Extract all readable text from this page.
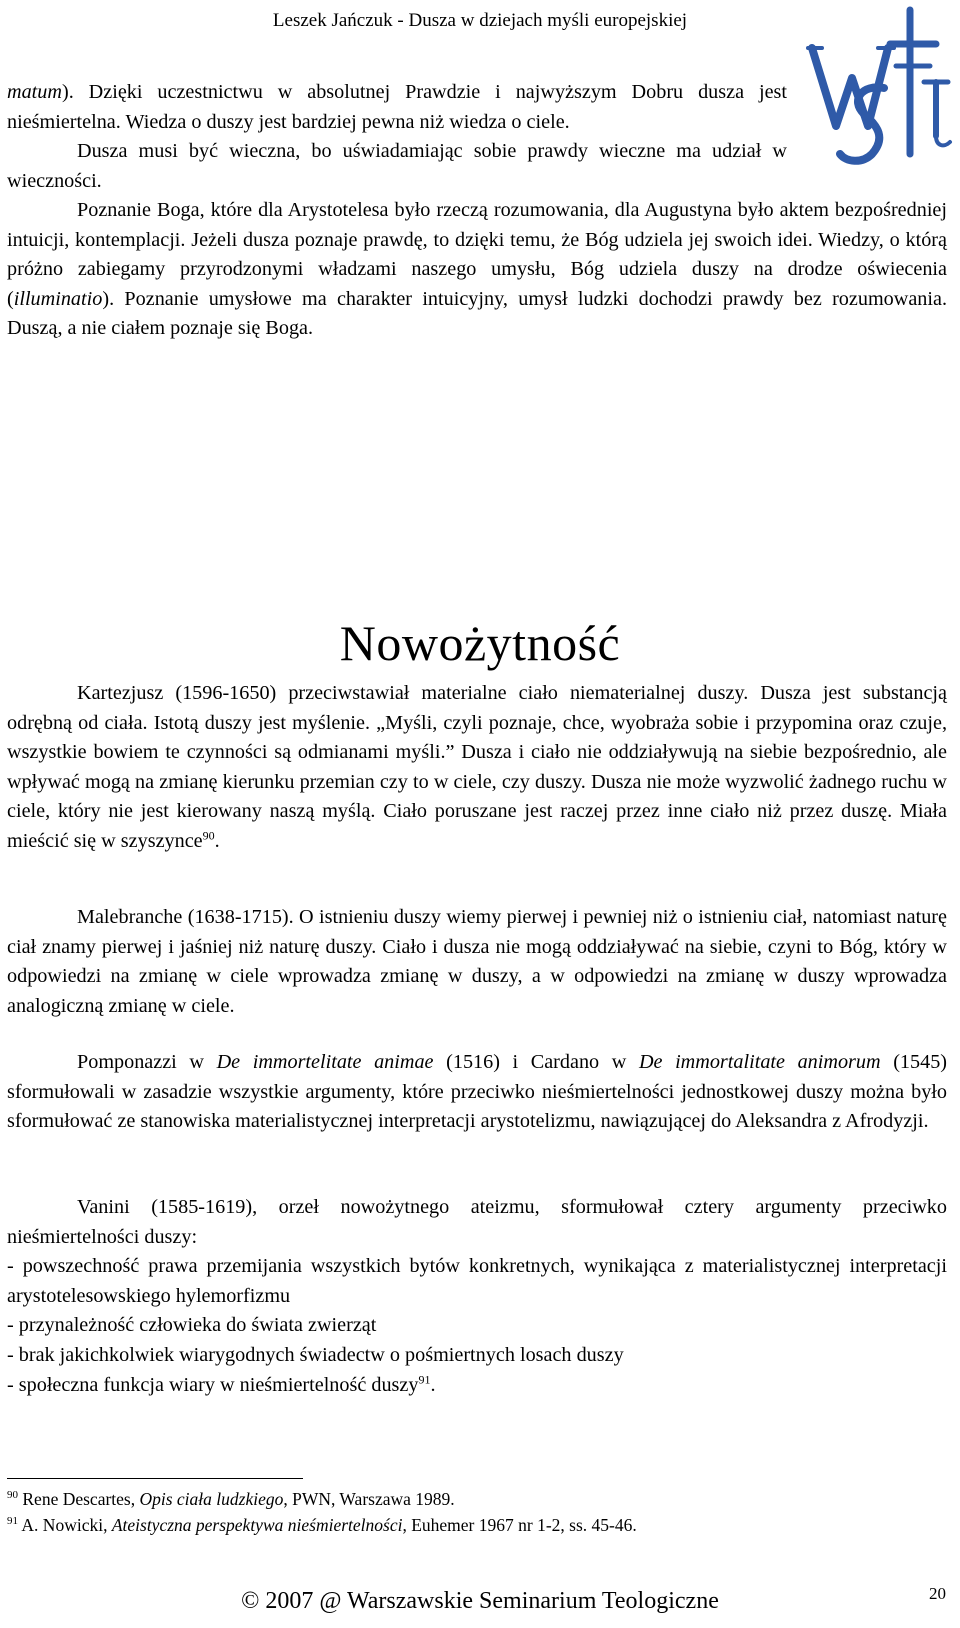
Leszek Jańczuk - Dusza w dziejach myśli europejskiej

matum). Dzięki uczestnictwu w absolutnej Prawdzie i najwyższym Dobru dusza jest nieśmiertelna. Wiedza o duszy jest bardziej pewna niż wiedza o ciele.

Dusza musi być wieczna, bo uświadamiając sobie prawdy wieczne ma udział w wieczności.

Poznanie Boga, które dla Arystotelesa było rzeczą rozumowania, dla Augustyna było aktem bezpośredniej intuicji, kontemplacji. Jeżeli dusza poznaje prawdę, to dzięki temu, że Bóg udziela jej swoich idei. Wiedzy, o którą próżno zabiegamy przyrodzonymi władzami naszego umysłu, Bóg udziela duszy na drodze oświecenia (illuminatio). Poznanie umysłowe ma charakter intuicyjny, umysł ludzki dochodzi prawdy bez rozumowania. Duszą, a nie ciałem poznaje się Boga.

Nowożytność

Kartezjusz (1596-1650) przeciwstawiał materialne ciało niematerialnej duszy. Dusza jest substancją odrębną od ciała. Istotą duszy jest myślenie. „Myśli, czyli poznaje, chce, wyobraża sobie i przypomina oraz czuje, wszystkie bowiem te czynności są odmianami myśli.” Dusza i ciało nie oddziaływują na siebie bezpośrednio, ale wpływać mogą na zmianę kierunku przemian czy to w ciele, czy duszy. Dusza nie może wyzwolić żadnego ruchu w ciele, który nie jest kierowany naszą myślą. Ciało poruszane jest raczej przez inne ciało niż przez duszę. Miała mieścić się w szyszynce$^{90}$.

Malebranche (1638-1715). O istnieniu duszy wiemy pierwej i pewniej niż o istnieniu ciał, natomiast naturę ciał znamy pierwej i jaśniej niż naturę duszy. Ciało i dusza nie mogą oddziaływać na siebie, czyni to Bóg, który w odpowiedzi na zmianę w ciele wprowadza zmianę w duszy, a w odpowiedzi na zmianę w duszy wprowadza analogiczną zmianę w ciele.

Pomponazzi w De immortelitate animae (1516) i Cardano w De immortalitate animorum (1545) sformułowali w zasadzie wszystkie argumenty, które przeciwko nieśmiertelności jednostkowej duszy można było sformułować ze stanowiska materialistycznej interpretacji arystotelizmu, nawiązującej do Aleksandra z Afrodyzji.

Vanini (1585-1619), orzeł nowożytnego ateizmu, sformułował cztery argumenty przeciwko nieśmiertelności duszy:

- powszechność prawa przemijania wszystkich bytów konkretnych, wynikająca z materialistycznej interpretacji arystotelesowskiego hylemorfizmu

- przynależność człowieka do świata zwierząt

- brak jakichkolwiek wiarygodnych świadectw o pośmiertnych losach duszy

- społeczna funkcja wiary w nieśmiertelność duszy$^{91}$.

$^{90}$ Rene Descartes, Opis ciała ludzkiego, PWN, Warszawa 1989.

$^{91}$ A. Nowicki, Ateistyczna perspektywa nieśmiertelności, Euhemer 1967 nr 1-2, ss. 45-46.

© 2007 @ Warszawskie Seminarium Teologiczne	20
